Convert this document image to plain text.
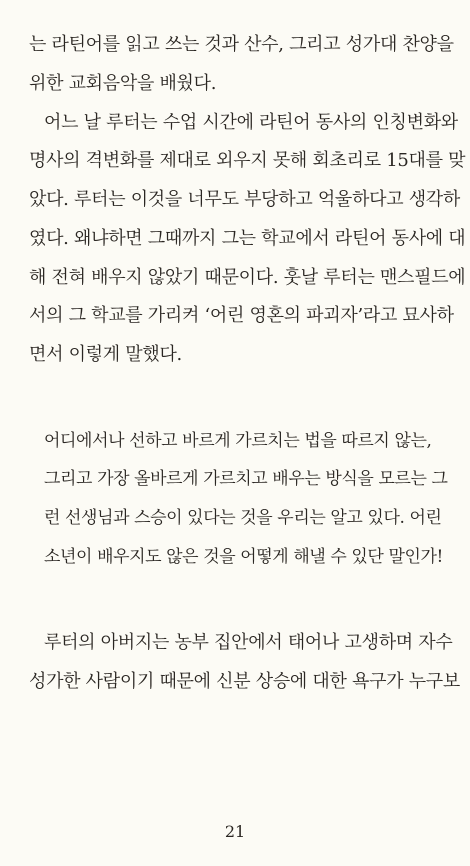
는 라틴어를 읽고 쓰는 것과 산수, 그리고 성가대 찬양을
위한 교회음악을 배웠다.
어느 날 루터는 수업 시간에 라틴어 동사의 인칭변화와
명사의 격변화를 제대로 외우지 못해 회초리로 15대를 맞
았다. 루터는 이것을 너무도 부당하고 억울하다고 생각하
였다. 왜냐하면 그때까지 그는 학교에서 라틴어 동사에 대
해 전혀 배우지 않았기 때문이다. 훗날 루터는 맨스필드에
서의 그 학교를 가리켜 ‘어린 영혼의 파괴자’라고 묘사하
면서 이렇게 말했다.
어디에서나 선하고 바르게 가르치는 법을 따르지 않는,
그리고 가장 올바르게 가르치고 배우는 방식을 모르는 그
런 선생님과 스승이 있다는 것을 우리는 알고 있다. 어린
소년이 배우지도 않은 것을 어떻게 해낼 수 있단 말인가!
루터의 아버지는 농부 집안에서 태어나 고생하며 자수
성가한 사람이기 때문에 신분 상승에 대한 욕구가 누구보
21
